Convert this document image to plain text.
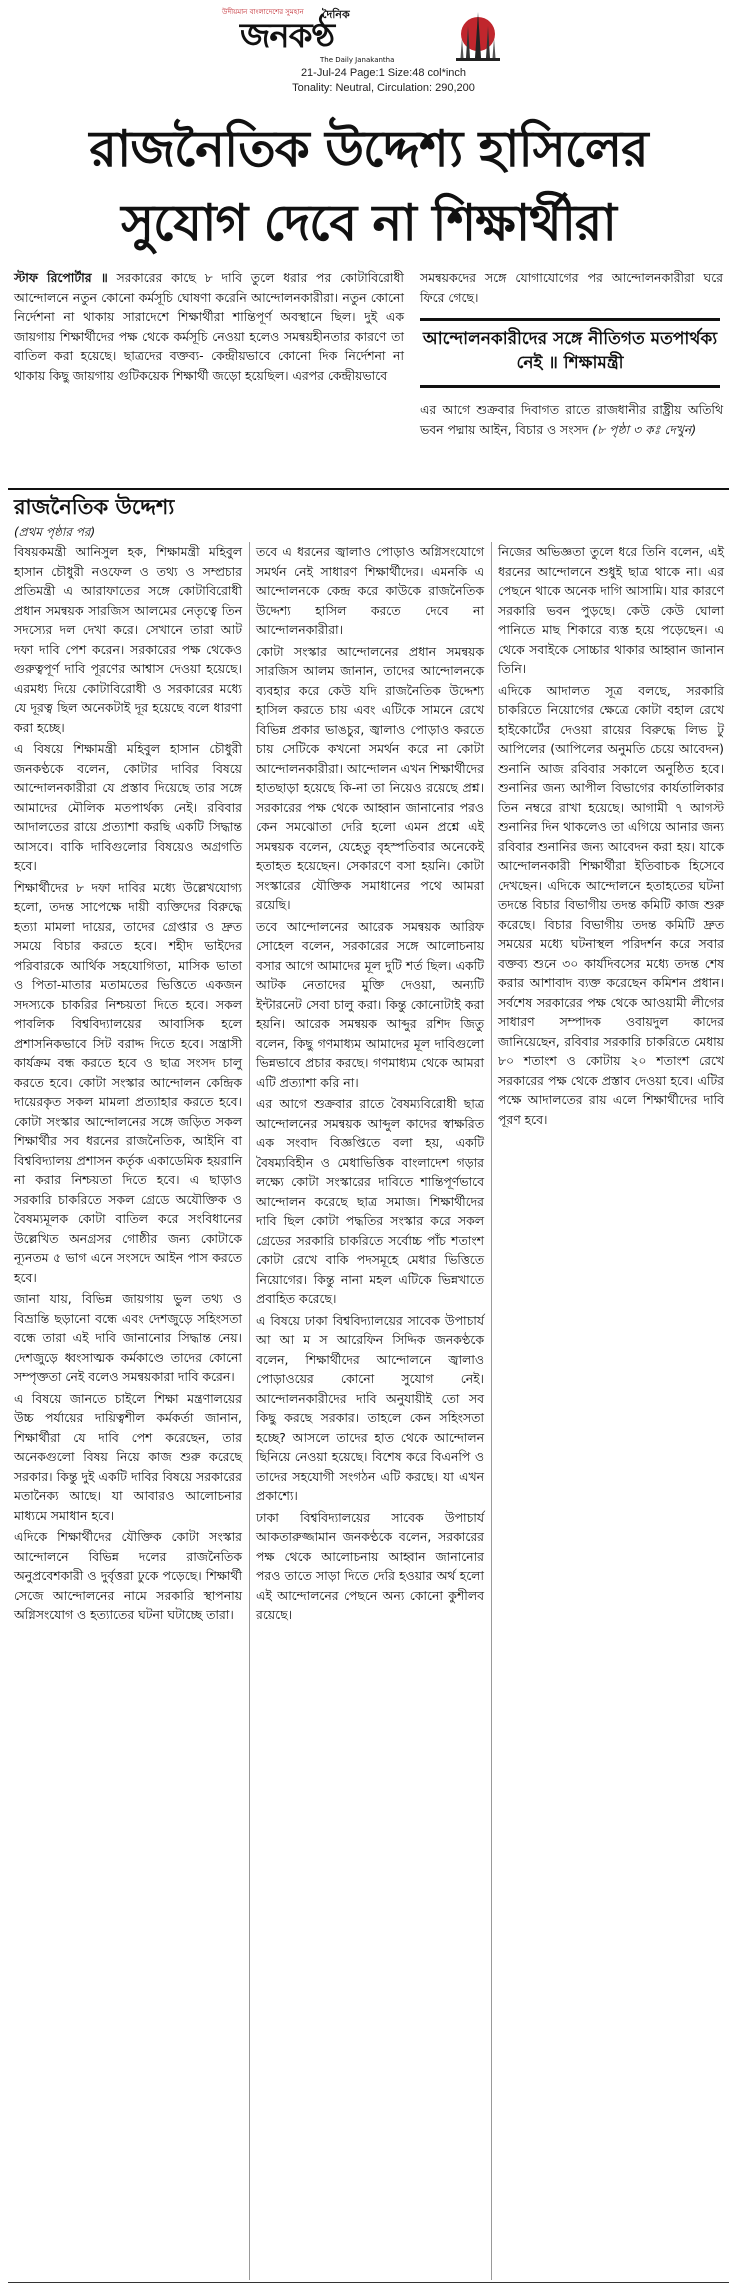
উদীয়মান বাংলাদেশের সুমহান দৈনিক
জনকণ্ঠ
The Daily Janakantha
21-Jul-24 Page:1 Size:48 col*inch
Tonality: Neutral, Circulation: 290,200
রাজনৈতিক উদ্দেশ্য হাসিলের
সুযোগ দেবে না শিক্ষার্থীরা

স্টাফ রিপোর্টার ॥ সরকারের কাছে ৮ দাবি তুলে ধরার পর কোটাবিরোধী আন্দোলনে নতুন কোনো কর্মসূচি ঘোষণা করেনি আন্দোলনকারীরা। নতুন কোনো নির্দেশনা না থাকায় সারাদেশে শিক্ষার্থীরা শান্তিপূর্ণ অবস্থানে ছিল। দুই এক জায়গায় শিক্ষার্থীদের পক্ষ থেকে কর্মসূচি নেওয়া হলেও সমন্বয়হীনতার কারণে তা বাতিল করা হয়েছে। ছাত্রদের বক্তব্য- কেন্দ্রীয়ভাবে কোনো দিক নির্দেশনা না থাকায় কিছু জায়গায় গুটিকয়েক শিক্ষার্থী জড়ো হয়েছিল। এরপর কেন্দ্রীয়ভাবে

সমন্বয়কদের সঙ্গে যোগাযোগের পর আন্দোলনকারীরা ঘরে ফিরে গেছে।

আন্দোলনকারীদের সঙ্গে নীতিগত মতপার্থক্য নেই ॥ শিক্ষামন্ত্রী

এর আগে শুক্রবার দিবাগত রাতে রাজধানীর রাষ্ট্রীয় অতিথি ভবন পদ্মায় আইন, বিচার ও সংসদ (৮ পৃষ্ঠা ৩ কঃ দেখুন)

রাজনৈতিক উদ্দেশ্য
(প্রথম পৃষ্ঠার পর)

বিষয়কমন্ত্রী আনিসুল হক, শিক্ষামন্ত্রী মহিবুল হাসান চৌধুরী নওফেল ও তথ্য ও সম্প্রচার প্রতিমন্ত্রী এ আরাফাতের সঙ্গে কোটাবিরোধী প্রধান সমন্বয়ক সারজিস আলমের নেতৃত্বে তিন সদস্যের দল দেখা করে। সেখানে তারা আট দফা দাবি পেশ করেন। সরকারের পক্ষ থেকেও গুরুত্বপূর্ণ দাবি পূরণের আশ্বাস দেওয়া হয়েছে। এরমধ্য দিয়ে কোটাবিরোধী ও সরকারের মধ্যে যে দূরত্ব ছিল অনেকটাই দূর হয়েছে বলে ধারণা করা হচ্ছে।

এ বিষয়ে শিক্ষামন্ত্রী মহিবুল হাসান চৌধুরী জনকণ্ঠকে বলেন, কোটার দাবির বিষয়ে আন্দোলনকারীরা যে প্রস্তাব দিয়েছে তার সঙ্গে আমাদের মৌলিক মতপার্থক্য নেই। রবিবার আদালতের রায়ে প্রত্যাশা করছি একটি সিদ্ধান্ত আসবে। বাকি দাবিগুলোর বিষয়েও অগ্রগতি হবে।

শিক্ষার্থীদের ৮ দফা দাবির মধ্যে উল্লেখযোগ্য হলো, তদন্ত সাপেক্ষে দায়ী ব্যক্তিদের বিরুদ্ধে হত্যা মামলা দায়ের, তাদের গ্রেপ্তার ও দ্রুত সময়ে বিচার করতে হবে। শহীদ ভাইদের পরিবারকে আর্থিক সহযোগিতা, মাসিক ভাতা ও পিতা-মাতার মতামতের ভিত্তিতে একজন সদস্যকে চাকরির নিশ্চয়তা দিতে হবে। সকল পাবলিক বিশ্ববিদ্যালয়ের আবাসিক হলে প্রশাসনিকভাবে সিট বরাদ্দ দিতে হবে। সন্ত্রাসী কার্যক্রম বন্ধ করতে হবে ও ছাত্র সংসদ চালু করতে হবে। কোটা সংস্কার আন্দোলন কেন্দ্রিক দায়েরকৃত সকল মামলা প্রত্যাহার করতে হবে। কোটা সংস্কার আন্দোলনের সঙ্গে জড়িত সকল শিক্ষার্থীর সব ধরনের রাজনৈতিক, আইনি বা বিশ্ববিদ্যালয় প্রশাসন কর্তৃক একাডেমিক হয়রানি না করার নিশ্চয়তা দিতে হবে। এ ছাড়াও সরকারি চাকরিতে সকল গ্রেডে অযৌক্তিক ও বৈষম্যমূলক কোটা বাতিল করে সংবিধানের উল্লেখিত অনগ্রসর গোষ্ঠীর জন্য কোটাকে ন্যূনতম ৫ ভাগ এনে সংসদে আইন পাস করতে হবে।

জানা যায়, বিভিন্ন জায়গায় ভুল তথ্য ও বিভ্রান্তি ছড়ানো বন্ধে এবং দেশজুড়ে সহিংসতা বন্ধে তারা এই দাবি জানানোর সিদ্ধান্ত নেয়। দেশজুড়ে ধ্বংসাত্মক কর্মকাণ্ডে তাদের কোনো সম্পৃক্ততা নেই বলেও সমন্বয়কারা দাবি করেন।

এ বিষয়ে জানতে চাইলে শিক্ষা মন্ত্রণালয়ের উচ্চ পর্যায়ের দায়িত্বশীল কর্মকর্তা জানান, শিক্ষার্থীরা যে দাবি পেশ করেছেন, তার অনেকগুলো বিষয় নিয়ে কাজ শুরু করেছে সরকার। কিন্তু দুই একটি দাবির বিষয়ে সরকারের মতানৈক্য আছে। যা আবারও আলোচনার মাধ্যমে সমাধান হবে।

এদিকে শিক্ষার্থীদের যৌক্তিক কোটা সংস্কার আন্দোলনে বিভিন্ন দলের রাজনৈতিক অনুপ্রবেশকারী ও দুর্বৃত্তরা ঢুকে পড়েছে। শিক্ষার্থী সেজে আন্দোলনের নামে সরকারি স্থাপনায় অগ্নিসংযোগ ও হত্যাতের ঘটনা ঘটাচ্ছে তারা।

তবে এ ধরনের জ্বালাও পোড়াও অগ্নিসংযোগে সমর্থন নেই সাধারণ শিক্ষার্থীদের। এমনকি এ আন্দোলনকে কেন্দ্র করে কাউকে রাজনৈতিক উদ্দেশ্য হাসিল করতে দেবে না আন্দোলনকারীরা।

কোটা সংস্কার আন্দোলনের প্রধান সমন্বয়ক সারজিস আলম জানান, তাদের আন্দোলনকে ব্যবহার করে কেউ যদি রাজনৈতিক উদ্দেশ্য হাসিল করতে চায় এবং এটিকে সামনে রেখে বিভিন্ন প্রকার ভাঙচুর, জ্বালাও পোড়াও করতে চায় সেটিকে কখনো সমর্থন করে না কোটা আন্দোলনকারীরা। আন্দোলন এখন শিক্ষার্থীদের হাতছাড়া হয়েছে কি-না তা নিয়েও রয়েছে প্রশ্ন। সরকারের পক্ষ থেকে আহ্বান জানানোর পরও কেন সমঝোতা দেরি হলো এমন প্রশ্নে এই সমন্বয়ক বলেন, যেহেতু বৃহস্পতিবার অনেকেই হতাহত হয়েছেন। সেকারণে বসা হয়নি। কোটা সংস্কারের যৌক্তিক সমাধানের পথে আমরা রয়েছি।

তবে আন্দোলনের আরেক সমন্বয়ক আরিফ সোহেল বলেন, সরকারের সঙ্গে আলোচনায় বসার আগে আমাদের মূল দুটি শর্ত ছিল। একটি আটক নেতাদের মুক্তি দেওয়া, অন্যটি ইন্টারনেট সেবা চালু করা। কিন্তু কোনোটাই করা হয়নি। আরেক সমন্বয়ক আব্দুর রশিদ জিতু বলেন, কিছু গণমাধ্যম আমাদের মূল দাবিগুলো ভিন্নভাবে প্রচার করছে। গণমাধ্যম থেকে আমরা এটি প্রত্যাশা করি না।

এর আগে শুক্রবার রাতে বৈষম্যবিরোধী ছাত্র আন্দোলনের সমন্বয়ক আব্দুল কাদের স্বাক্ষরিত এক সংবাদ বিজ্ঞপ্তিতে বলা হয়, একটি বৈষম্যবিহীন ও মেধাভিত্তিক বাংলাদেশ গড়ার লক্ষ্যে কোটা সংস্কারের দাবিতে শান্তিপূর্ণভাবে আন্দোলন করেছে ছাত্র সমাজ। শিক্ষার্থীদের দাবি ছিল কোটা পদ্ধতির সংস্কার করে সকল গ্রেডের সরকারি চাকরিতে সর্বোচ্চ পাঁচ শতাংশ কোটা রেখে বাকি পদসমূহে মেধার ভিত্তিতে নিয়োগের। কিন্তু নানা মহল এটিকে ভিন্নখাতে প্রবাহিত করেছে।

এ বিষয়ে ঢাকা বিশ্ববিদ্যালয়ের সাবেক উপাচার্য আ আ ম স আরেফিন সিদ্দিক জনকণ্ঠকে বলেন, শিক্ষার্থীদের আন্দোলনে জ্বালাও পোড়াওয়ের কোনো সুযোগ নেই। আন্দোলনকারীদের দাবি অনুযায়ীই তো সব কিছু করছে সরকার। তাহলে কেন সহিংসতা হচ্ছে? আসলে তাদের হাত থেকে আন্দোলন ছিনিয়ে নেওয়া হয়েছে। বিশেষ করে বিএনপি ও তাদের সহযোগী সংগঠন এটি করছে। যা এখন প্রকাশ্যে।

ঢাকা বিশ্ববিদ্যালয়ের সাবেক উপাচার্য আকতারুজ্জামান জনকণ্ঠকে বলেন, সরকারের পক্ষ থেকে আলোচনায় আহ্বান জানানোর পরও তাতে সাড়া দিতে দেরি হওয়ার অর্থ হলো এই আন্দোলনের পেছনে অন্য কোনো কুশীলব রয়েছে।

নিজের অভিজ্ঞতা তুলে ধরে তিনি বলেন, এই ধরনের আন্দোলনে শুধুই ছাত্র থাকে না। এর পেছনে থাকে অনেক দাগি আসামি। যার কারণে সরকারি ভবন পুড়ছে। কেউ কেউ ঘোলা পানিতে মাছ শিকারে ব্যস্ত হয়ে পড়েছেন। এ থেকে সবাইকে সোচ্চার থাকার আহ্বান জানান তিনি।

এদিকে আদালত সূত্র বলছে, সরকারি চাকরিতে নিয়োগের ক্ষেত্রে কোটা বহাল রেখে হাইকোর্টের দেওয়া রায়ের বিরুদ্ধে লিভ টু আপিলের (আপিলের অনুমতি চেয়ে আবেদন) শুনানি আজ রবিবার সকালে অনুষ্ঠিত হবে। শুনানির জন্য আপীল বিভাগের কার্যতালিকার তিন নম্বরে রাখা হয়েছে। আগামী ৭ আগস্ট শুনানির দিন থাকলেও তা এগিয়ে আনার জন্য রবিবার শুনানির জন্য আবেদন করা হয়। যাকে আন্দোলনকারী শিক্ষার্থীরা ইতিবাচক হিসেবে দেখছেন। এদিকে আন্দোলনে হতাহতের ঘটনা তদন্তে বিচার বিভাগীয় তদন্ত কমিটি কাজ শুরু করেছে। বিচার বিভাগীয় তদন্ত কমিটি দ্রুত সময়ের মধ্যে ঘটনাস্থল পরিদর্শন করে সবার বক্তব্য শুনে ৩০ কার্যদিবসের মধ্যে তদন্ত শেষ করার আশাবাদ ব্যক্ত করেছেন কমিশন প্রধান। সর্বশেষ সরকারের পক্ষ থেকে আওয়ামী লীগের সাধারণ সম্পাদক ওবায়দুল কাদের জানিয়েছেন, রবিবার সরকারি চাকরিতে মেধায় ৮০ শতাংশ ও কোটায় ২০ শতাংশ রেখে সরকারের পক্ষ থেকে প্রস্তাব দেওয়া হবে। এটির পক্ষে আদালতের রায় এলে শিক্ষার্থীদের দাবি পূরণ হবে।
